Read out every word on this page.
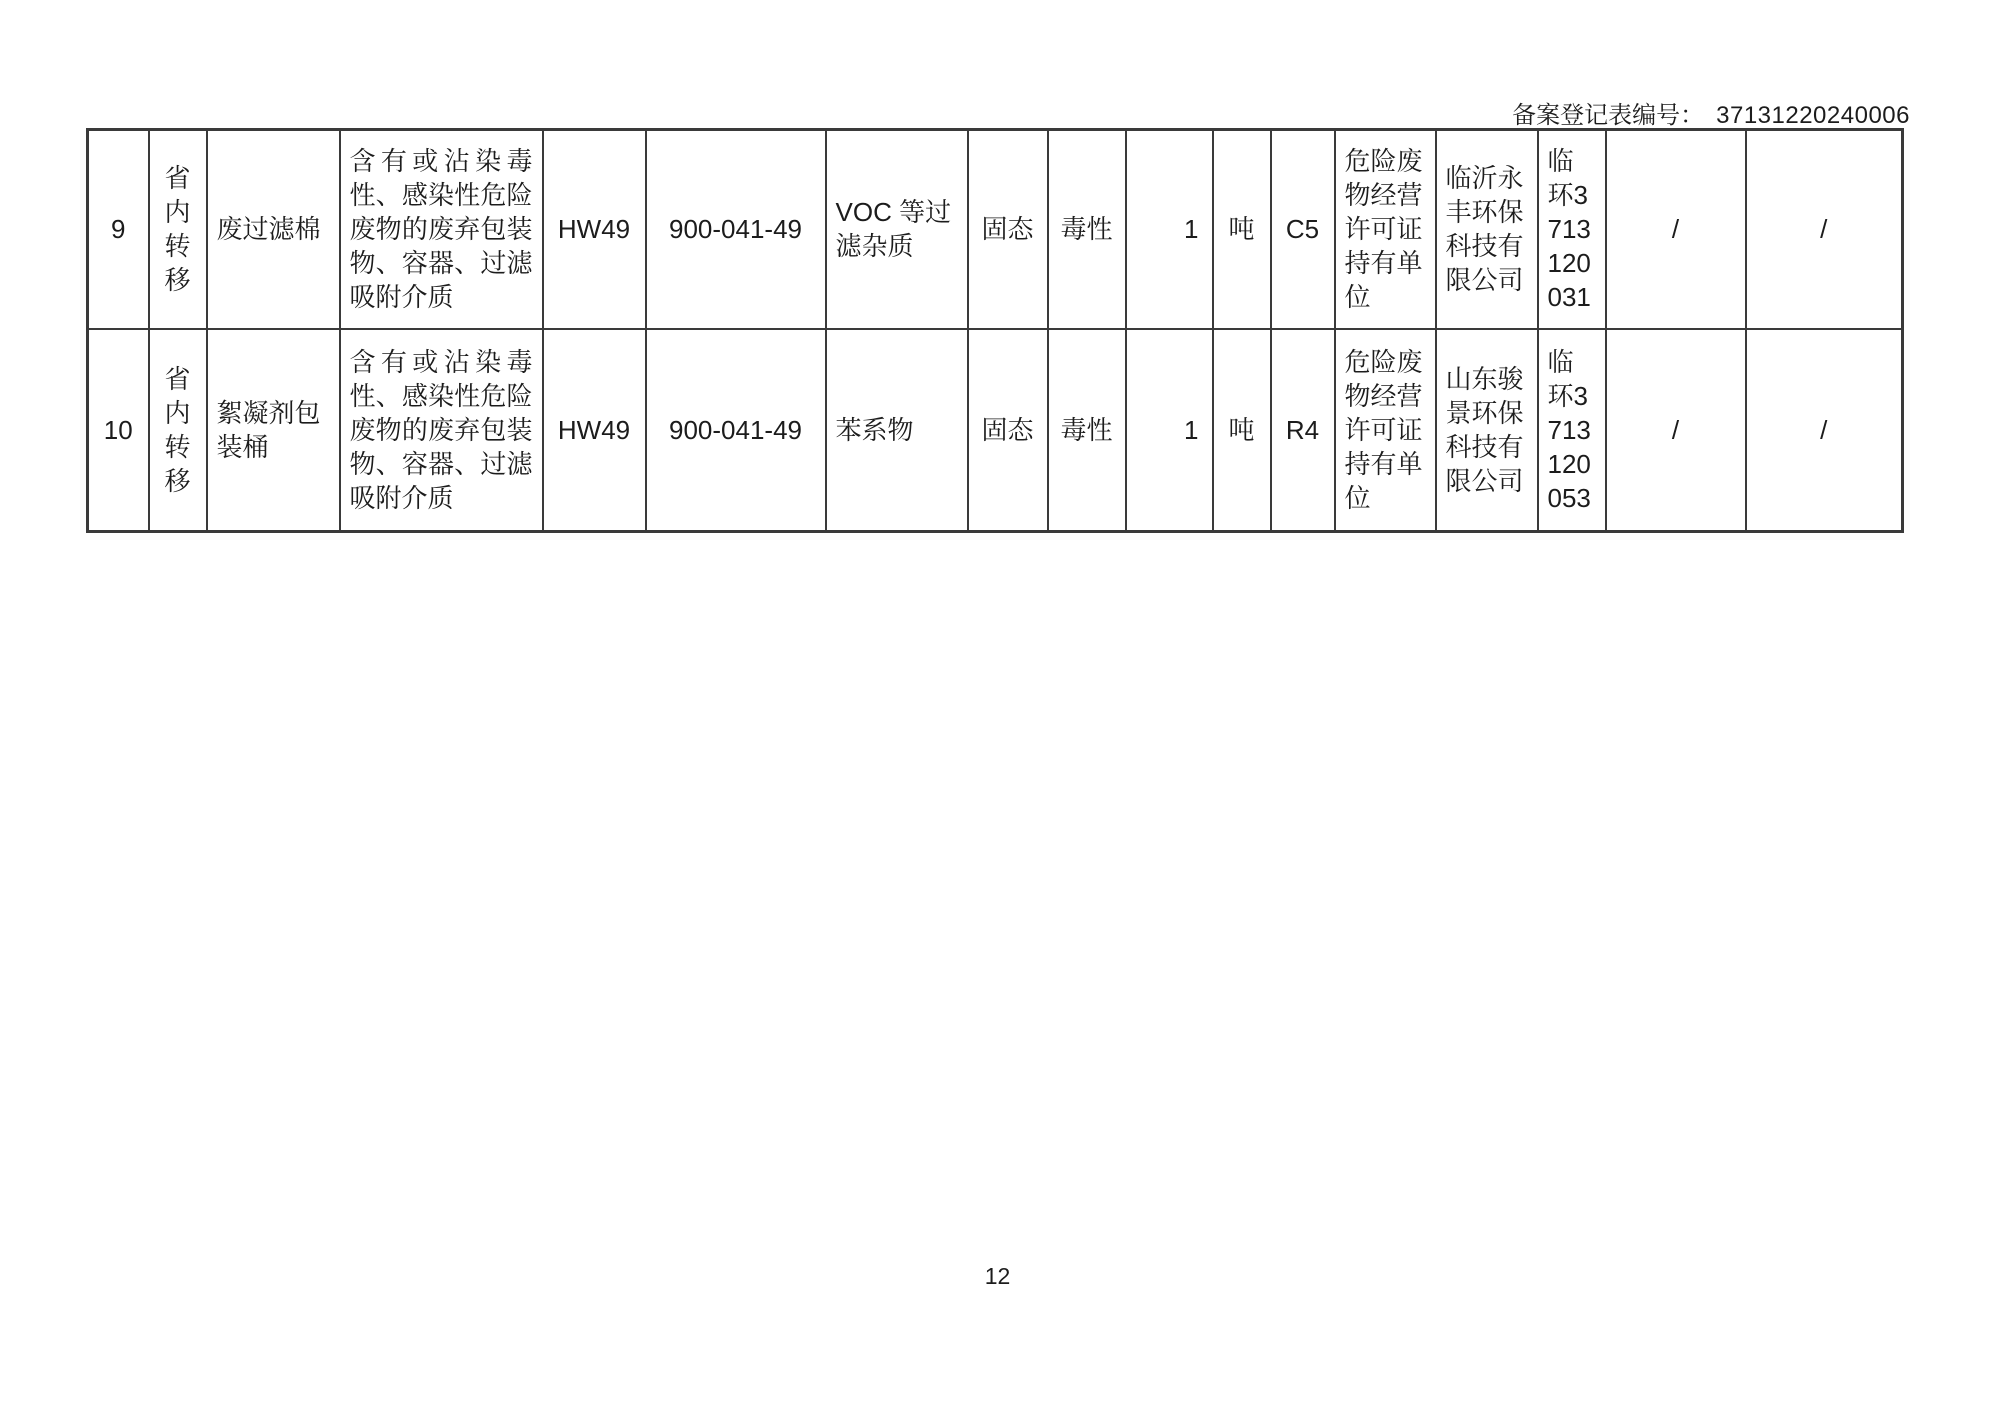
备案登记表编号： 37131220240006
9	省内转移	废过滤棉	含有或沾染毒性、感染性危险废物的废弃包装物、容器、过滤吸附介质	HW49	900-041-49	VOC 等过滤杂质	固态	毒性	1	吨	C5	危险废物经营许可证持有单位	临沂永丰环保科技有限公司	临环3713120031	/	/
10	省内转移	絮凝剂包装桶	含有或沾染毒性、感染性危险废物的废弃包装物、容器、过滤吸附介质	HW49	900-041-49	苯系物	固态	毒性	1	吨	R4	危险废物经营许可证持有单位	山东骏景环保科技有限公司	临环3713120053	/	/
12
